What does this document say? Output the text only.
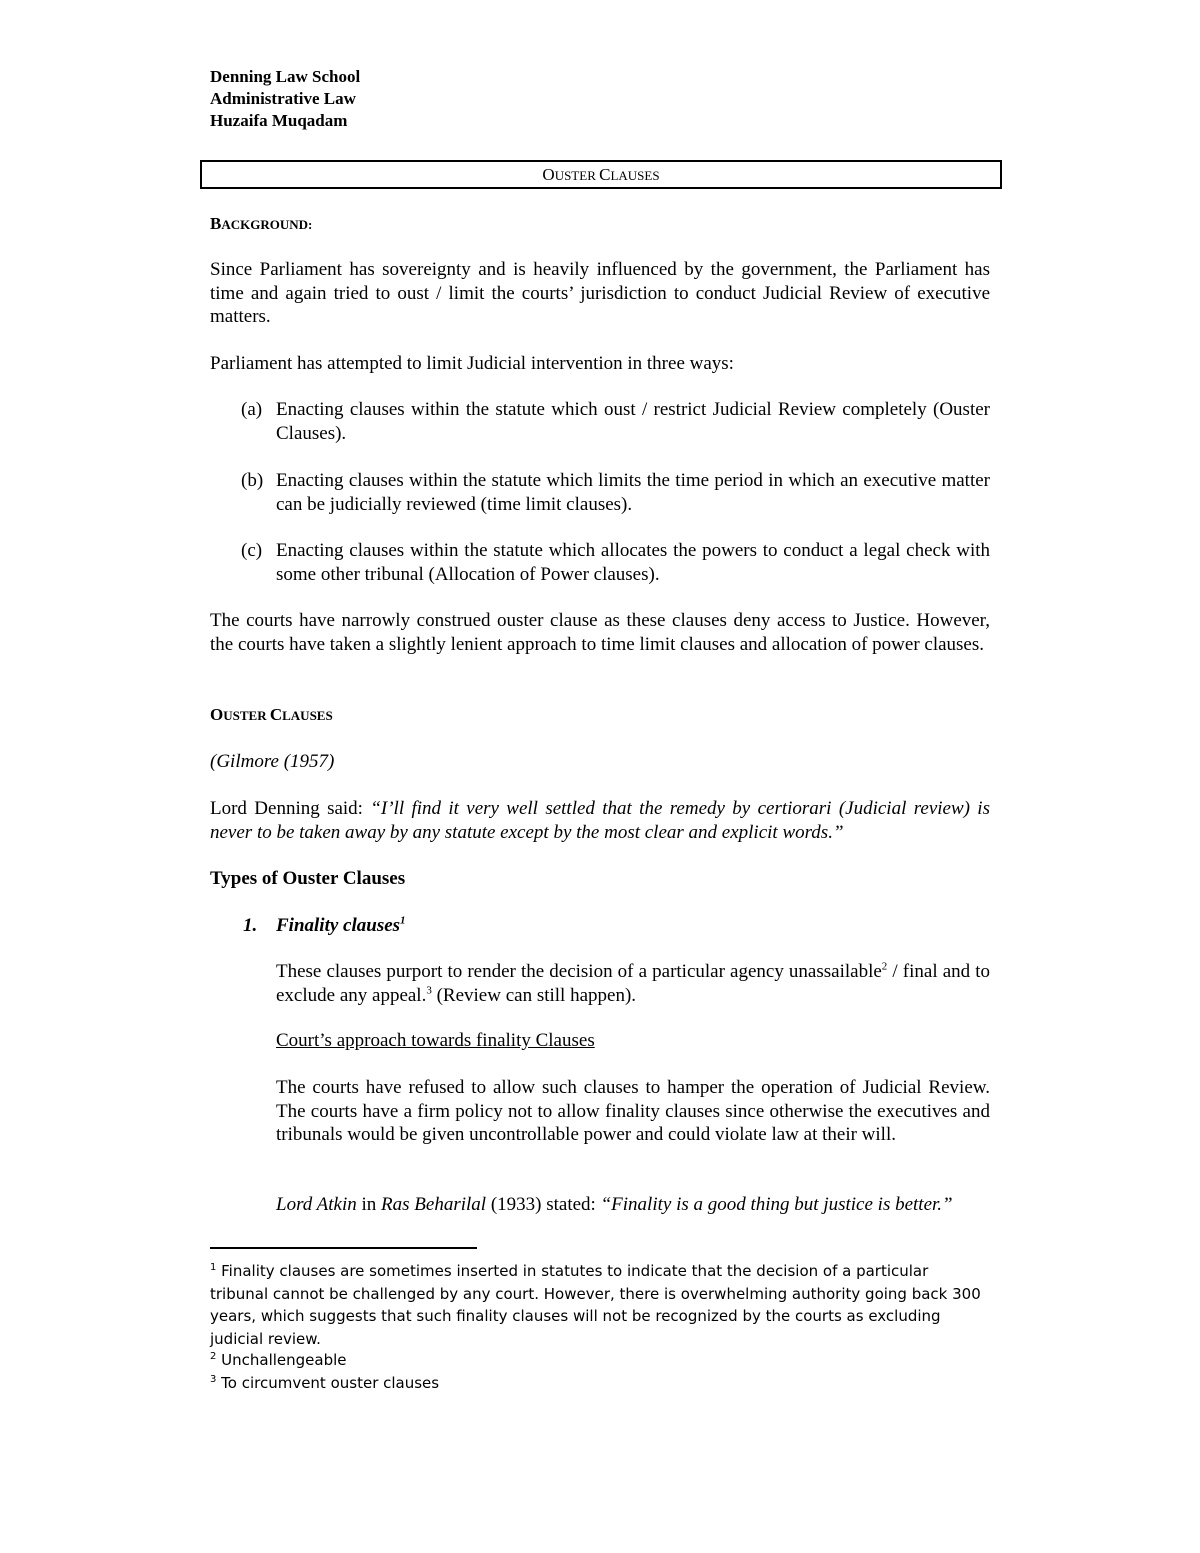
Denning Law School
Administrative Law
Huzaifa Muqadam
OUSTER CLAUSES
BACKGROUND:
Since Parliament has sovereignty and is heavily influenced by the government, the Parliament has time and again tried to oust / limit the courts’ jurisdiction to conduct Judicial Review of executive matters.
Parliament has attempted to limit Judicial intervention in three ways:
(a) Enacting clauses within the statute which oust / restrict Judicial Review completely (Ouster Clauses).
(b) Enacting clauses within the statute which limits the time period in which an executive matter can be judicially reviewed (time limit clauses).
(c) Enacting clauses within the statute which allocates the powers to conduct a legal check with some other tribunal (Allocation of Power clauses).
The courts have narrowly construed ouster clause as these clauses deny access to Justice. However, the courts have taken a slightly lenient approach to time limit clauses and allocation of power clauses.
OUSTER CLAUSES
(Gilmore (1957)
Lord Denning said: “I’ll find it very well settled that the remedy by certiorari (Judicial review) is never to be taken away by any statute except by the most clear and explicit words.”
Types of Ouster Clauses
1. Finality clauses$^1$
These clauses purport to render the decision of a particular agency unassailable$^2$ / final and to exclude any appeal.$^3$ (Review can still happen).
Court’s approach towards finality Clauses
The courts have refused to allow such clauses to hamper the operation of Judicial Review. The courts have a firm policy not to allow finality clauses since otherwise the executives and tribunals would be given uncontrollable power and could violate law at their will.
Lord Atkin in Ras Beharilal (1933) stated: “Finality is a good thing but justice is better.”
$^1$ Finality clauses are sometimes inserted in statutes to indicate that the decision of a particular tribunal cannot be challenged by any court. However, there is overwhelming authority going back 300 years, which suggests that such finality clauses will not be recognized by the courts as excluding judicial review.
$^2$ Unchallengeable
$^3$ To circumvent ouster clauses
